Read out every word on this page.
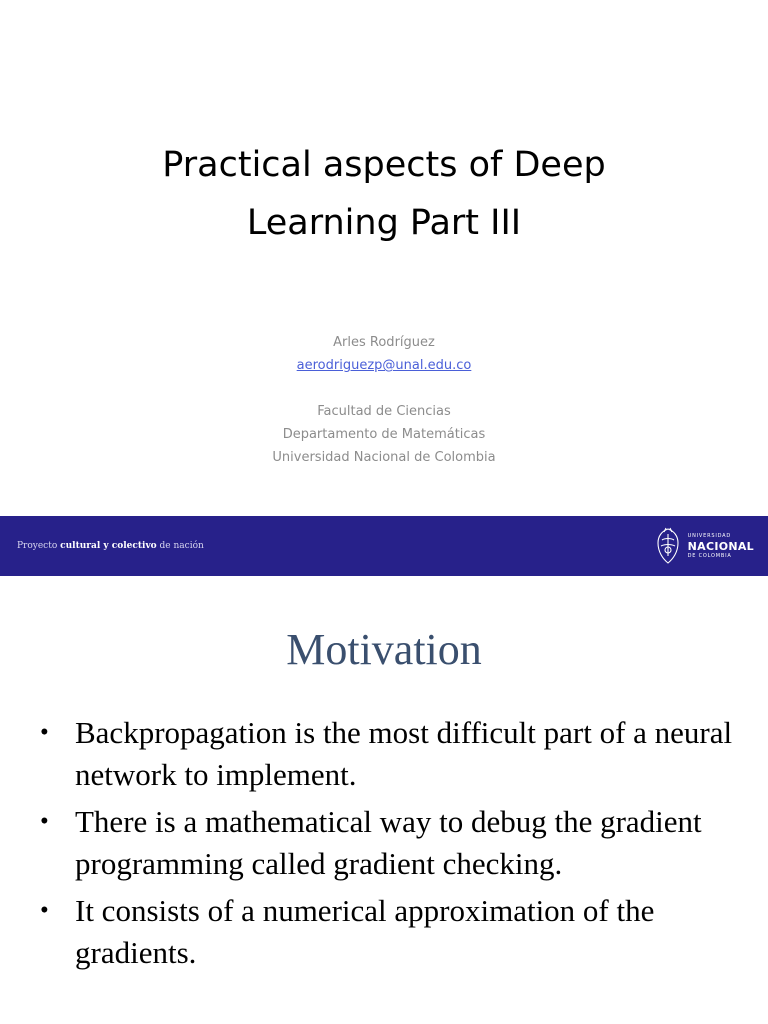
Practical aspects of Deep
Learning Part III
Arles Rodríguez
aerodriguezp@unal.edu.co
Facultad de Ciencias
Departamento de Matemáticas
Universidad Nacional de Colombia
Proyecto cultural y colectivo de nación
UNIVERSIDAD
NACIONAL
DE COLOMBIA
Motivation
• Backpropagation is the most difficult part of a neural network to implement.
• There is a mathematical way to debug the gradient programming called gradient checking.
• It consists of a numerical approximation of the gradients.
